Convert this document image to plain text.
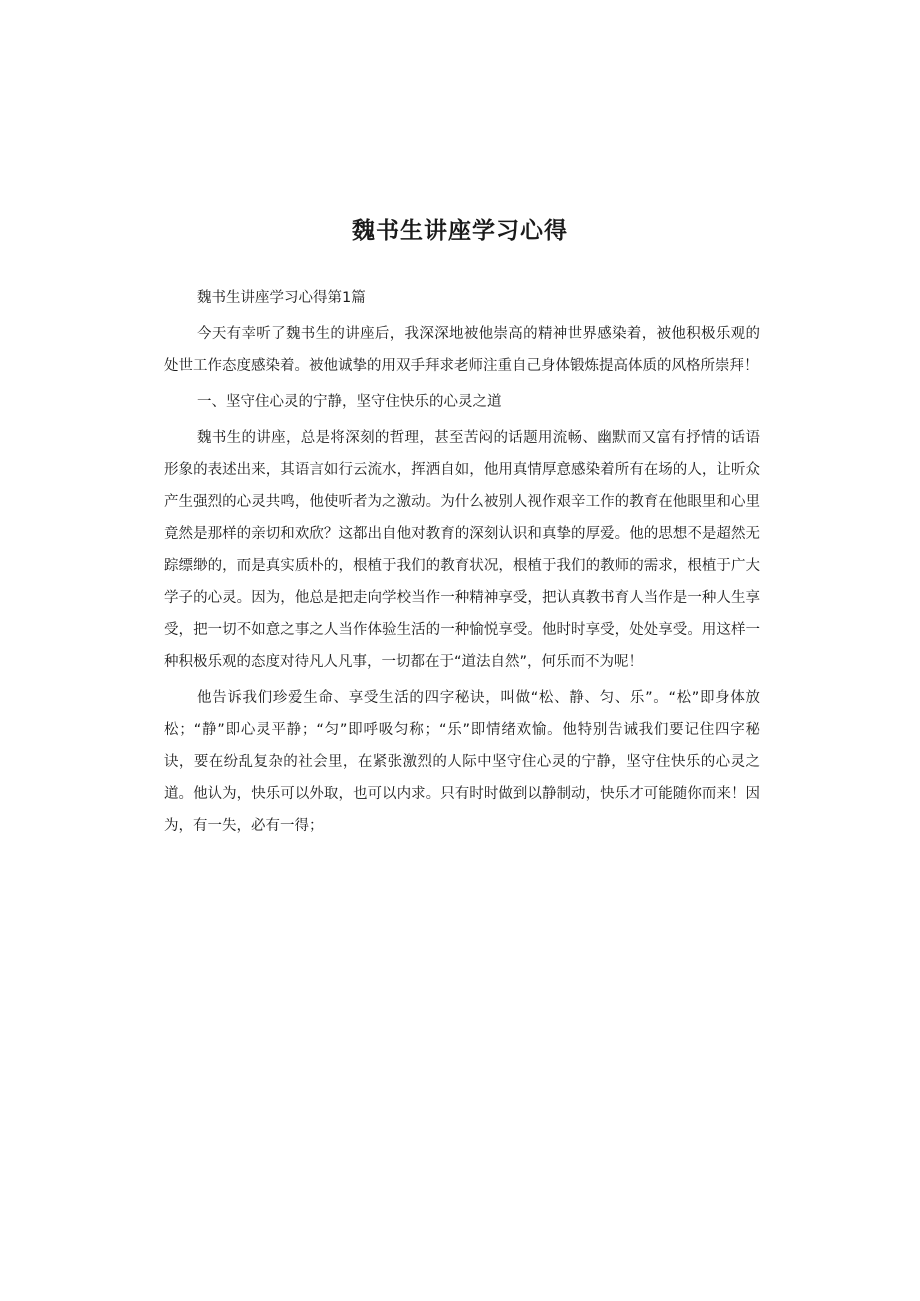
魏书生讲座学习心得

魏书生讲座学习心得第1篇

今天有幸听了魏书生的讲座后，我深深地被他崇高的精神世界感染着，被他积极乐观的处世工作态度感染着。被他诚挚的用双手拜求老师注重自己身体锻炼提高体质的风格所崇拜！

一、坚守住心灵的宁静，坚守住快乐的心灵之道

魏书生的讲座，总是将深刻的哲理，甚至苦闷的话题用流畅、幽默而又富有抒情的话语形象的表述出来，其语言如行云流水，挥洒自如，他用真情厚意感染着所有在场的人，让听众产生强烈的心灵共鸣，他使听者为之激动。为什么被别人视作艰辛工作的教育在他眼里和心里竟然是那样的亲切和欢欣？这都出自他对教育的深刻认识和真挚的厚爱。他的思想不是超然无踪缥缈的，而是真实质朴的，根植于我们的教育状况，根植于我们的教师的需求，根植于广大学子的心灵。因为，他总是把走向学校当作一种精神享受，把认真教书育人当作是一种人生享受，把一切不如意之事之人当作体验生活的一种愉悦享受。他时时享受，处处享受。用这样一种积极乐观的态度对待凡人凡事，一切都在于“道法自然”，何乐而不为呢！

他告诉我们珍爱生命、享受生活的四字秘诀，叫做“松、静、匀、乐”。“松”即身体放松；“静”即心灵平静；“匀”即呼吸匀称；“乐”即情绪欢愉。他特别告诫我们要记住四字秘诀，要在纷乱复杂的社会里，在紧张激烈的人际中坚守住心灵的宁静，坚守住快乐的心灵之道。他认为，快乐可以外取，也可以内求。只有时时做到以静制动，快乐才可能随你而来！因为，有一失，必有一得；
